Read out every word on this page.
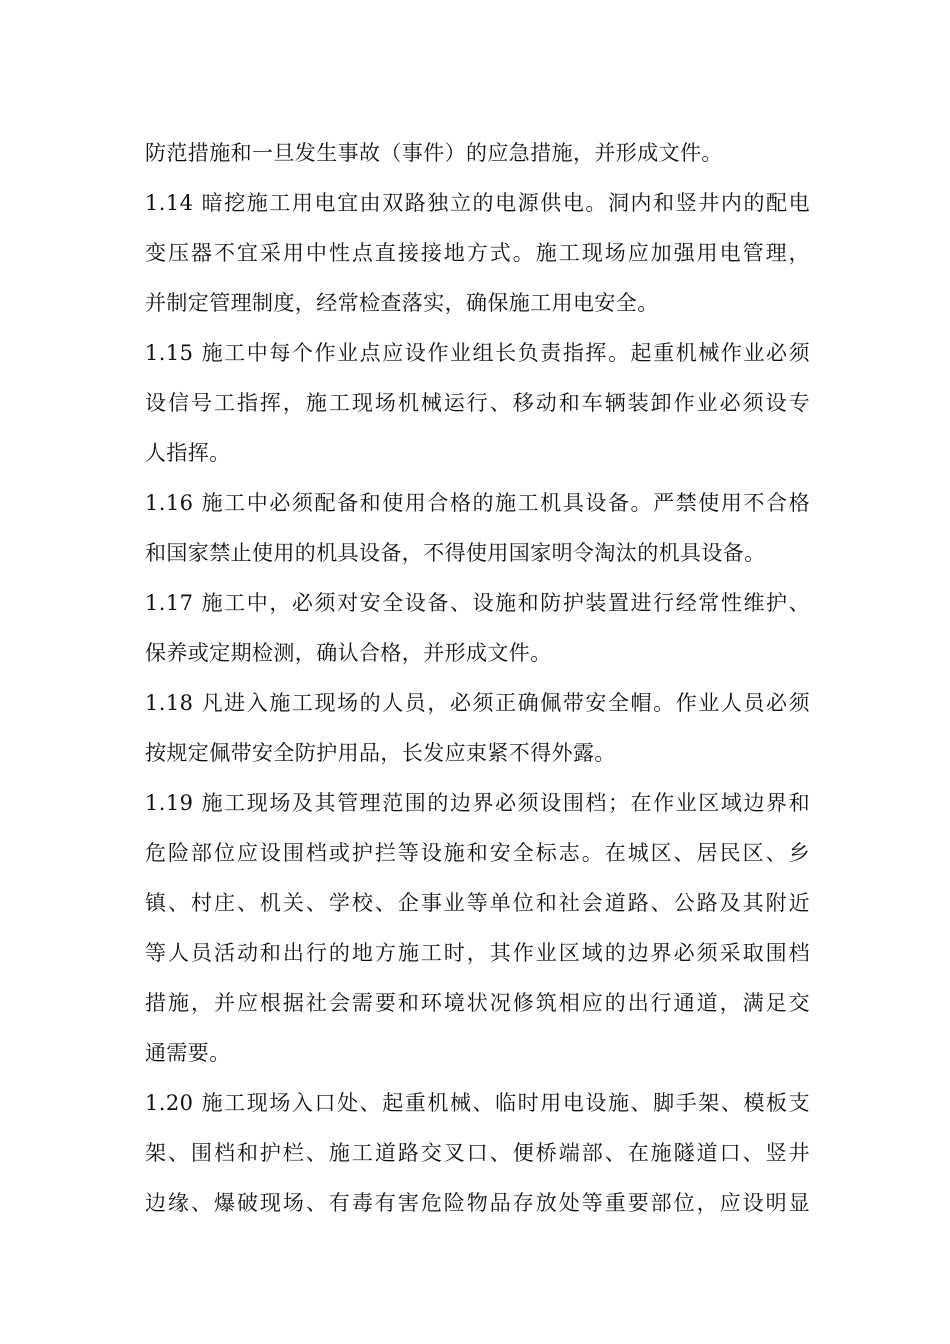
防范措施和一旦发生事故（事件）的应急措施，并形成文件。
1.14 暗挖施工用电宜由双路独立的电源供电。洞内和竖井内的配电
变压器不宜采用中性点直接接地方式。施工现场应加强用电管理，
并制定管理制度，经常检查落实，确保施工用电安全。
1.15 施工中每个作业点应设作业组长负责指挥。起重机械作业必须
设信号工指挥，施工现场机械运行、移动和车辆装卸作业必须设专
人指挥。
1.16 施工中必须配备和使用合格的施工机具设备。严禁使用不合格
和国家禁止使用的机具设备，不得使用国家明令淘汰的机具设备。
1.17 施工中，必须对安全设备、设施和防护装置进行经常性维护、
保养或定期检测，确认合格，并形成文件。
1.18 凡进入施工现场的人员，必须正确佩带安全帽。作业人员必须
按规定佩带安全防护用品，长发应束紧不得外露。
1.19 施工现场及其管理范围的边界必须设围档；在作业区域边界和
危险部位应设围档或护拦等设施和安全标志。在城区、居民区、乡
镇、村庄、机关、学校、企事业等单位和社会道路、公路及其附近
等人员活动和出行的地方施工时，其作业区域的边界必须采取围档
措施，并应根据社会需要和环境状况修筑相应的出行通道，满足交
通需要。
1.20 施工现场入口处、起重机械、临时用电设施、脚手架、模板支
架、围档和护栏、施工道路交叉口、便桥端部、在施隧道口、竖井
边缘、爆破现场、有毒有害危险物品存放处等重要部位，应设明显
